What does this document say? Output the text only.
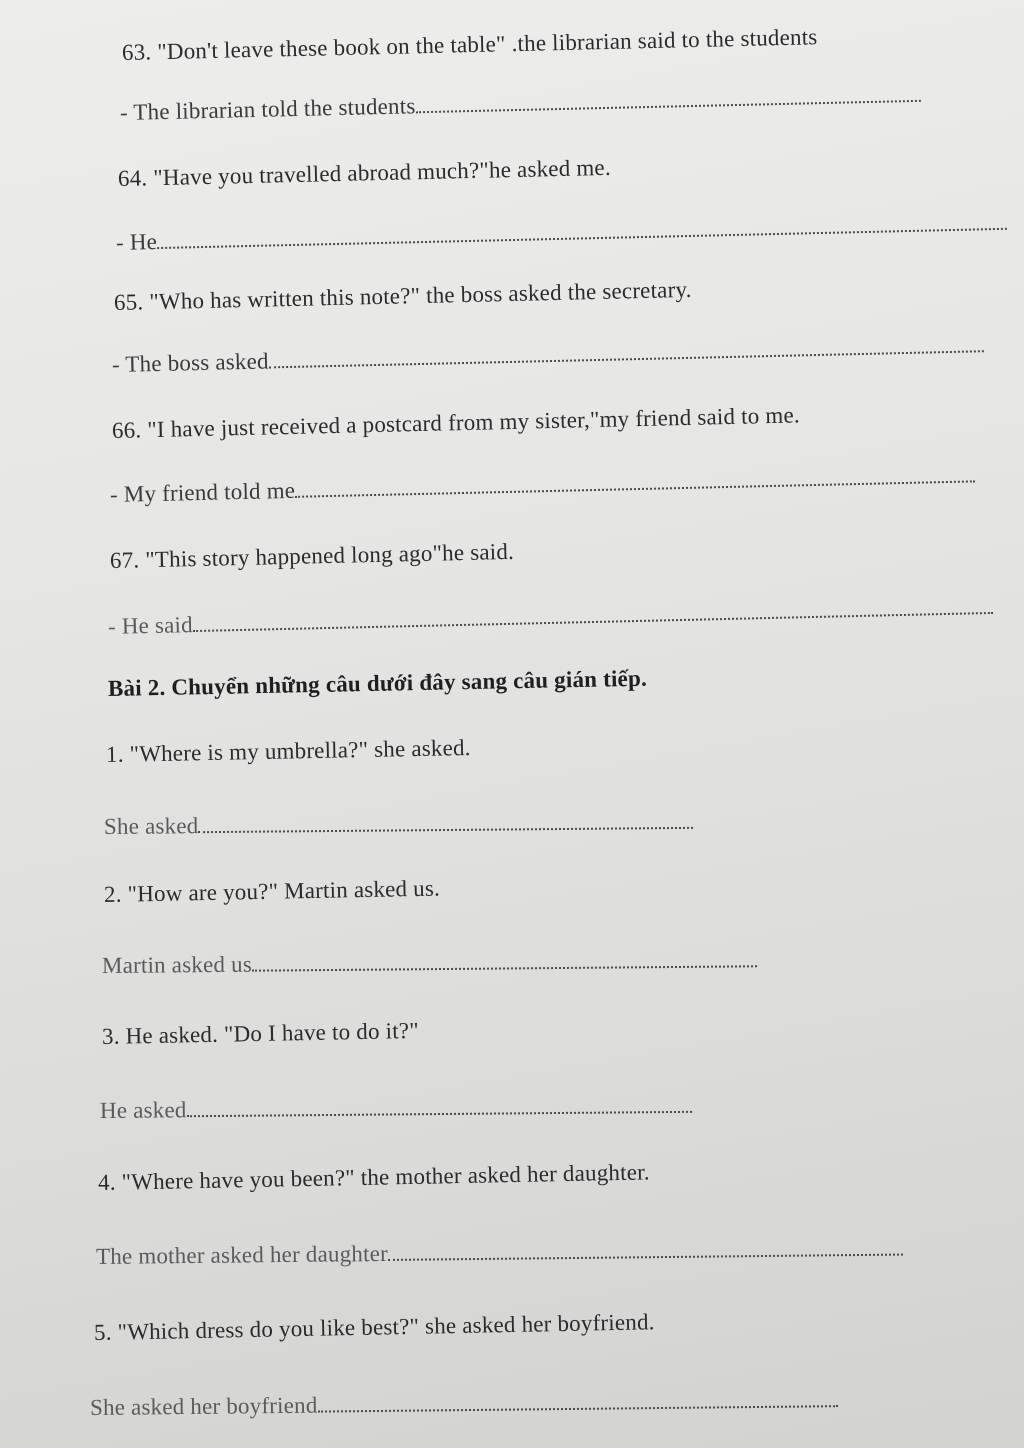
63. "Don't leave these book on the table" .the librarian said to the students
- The librarian told the students
64. "Have you travelled abroad much?"he asked me.
- He
65. "Who has written this note?" the boss asked the secretary.
- The boss asked
66. "I have just received a postcard from my sister,"my friend said to me.
- My friend told me
67. "This story happened long ago"he said.
- He said
Bài 2. Chuyển những câu dưới đây sang câu gián tiếp.
1. "Where is my umbrella?" she asked.
She asked
2. "How are you?" Martin asked us.
Martin asked us
3. He asked. "Do I have to do it?"
He asked
4. "Where have you been?" the mother asked her daughter.
The mother asked her daughter
5. "Which dress do you like best?" she asked her boyfriend.
She asked her boyfriend
